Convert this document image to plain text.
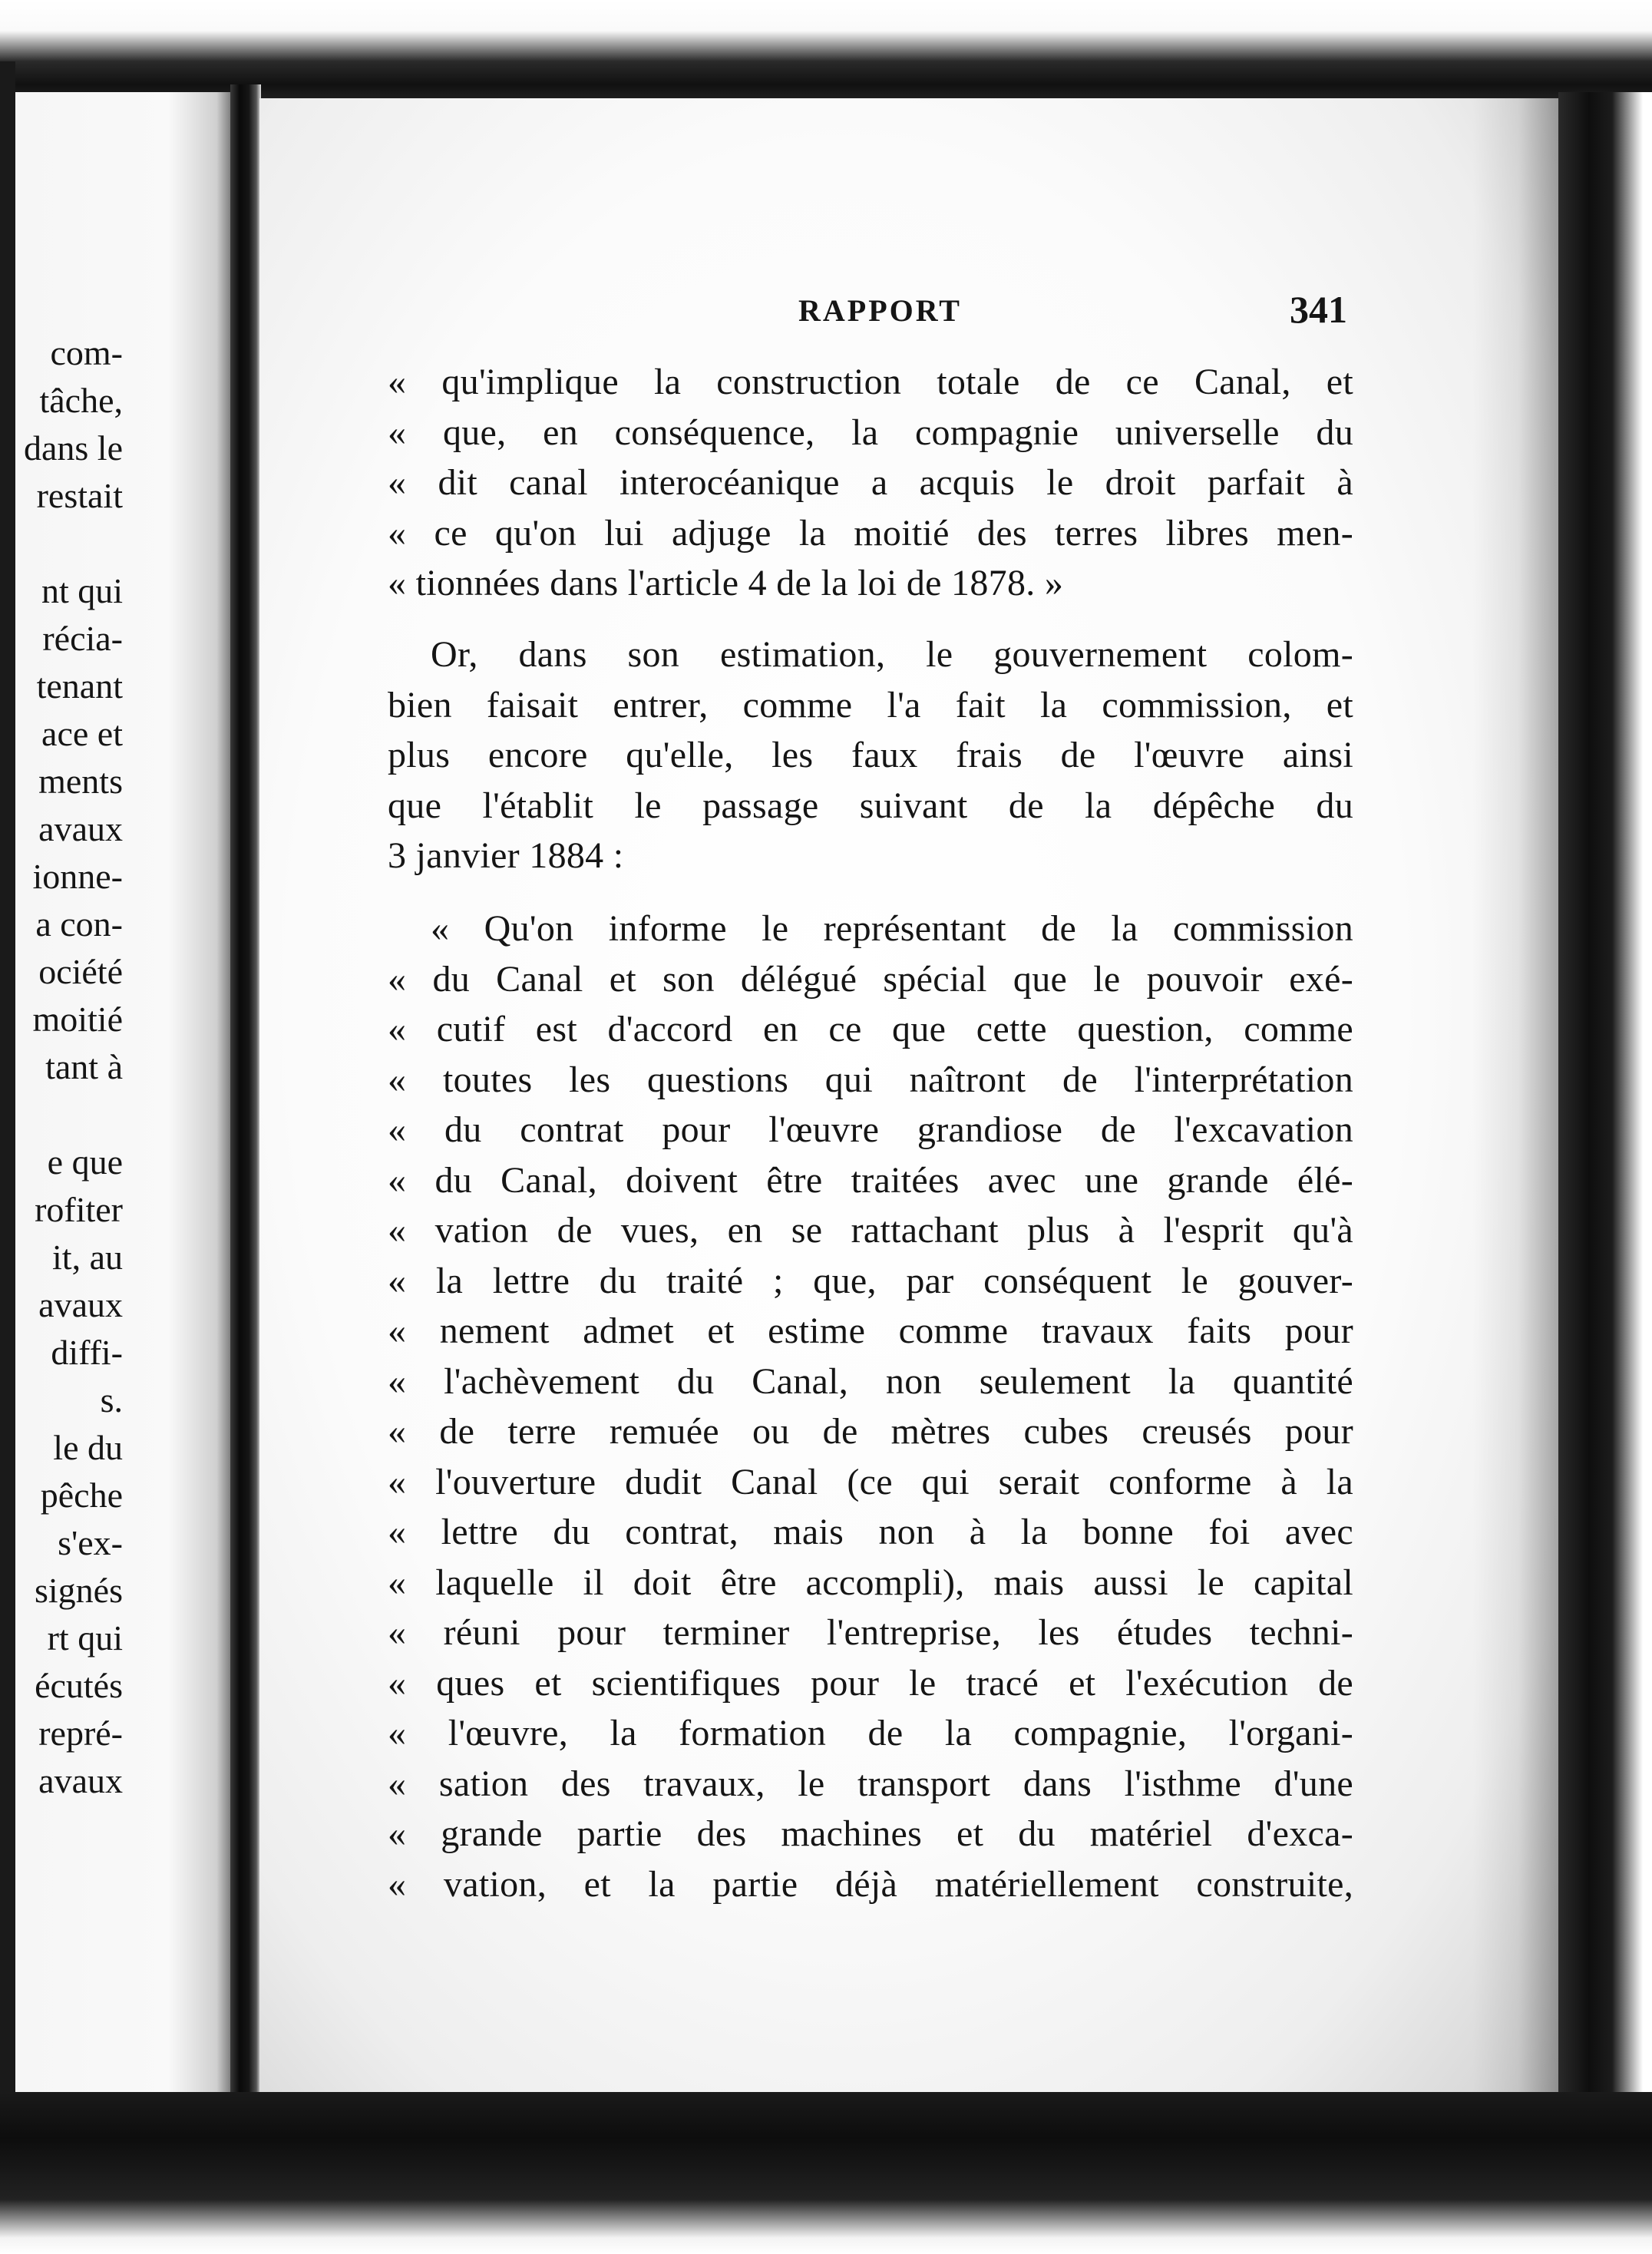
com-
tâche,
dans le
restait
nt qui
récia-
tenant
ace et
ments
avaux
ionne-
a con-
ociété
moitié
tant à
e que
rofiter
it, au
avaux
diffi-
s.
le du
pêche
s'ex-
signés
rt qui
écutés
repré-
avaux
RAPPORT	341
« qu'implique la construction totale de ce Canal, et
« que, en conséquence, la compagnie universelle du
« dit canal interocéanique a acquis le droit parfait à
« ce qu'on lui adjuge la moitié des terres libres men-
« tionnées dans l'article 4 de la loi de 1878. »
Or, dans son estimation, le gouvernement colom-
bien faisait entrer, comme l'a fait la commission, et
plus encore qu'elle, les faux frais de l'œuvre ainsi
que l'établit le passage suivant de la dépêche du
3 janvier 1884 :
« Qu'on informe le représentant de la commission
« du Canal et son délégué spécial que le pouvoir exé-
« cutif est d'accord en ce que cette question, comme
« toutes les questions qui naîtront de l'interprétation
« du contrat pour l'œuvre grandiose de l'excavation
« du Canal, doivent être traitées avec une grande élé-
« vation de vues, en se rattachant plus à l'esprit qu'à
« la lettre du traité ; que, par conséquent le gouver-
« nement admet et estime comme travaux faits pour
« l'achèvement du Canal, non seulement la quantité
« de terre remuée ou de mètres cubes creusés pour
« l'ouverture dudit Canal (ce qui serait conforme à la
« lettre du contrat, mais non à la bonne foi avec
« laquelle il doit être accompli), mais aussi le capital
« réuni pour terminer l'entreprise, les études techni-
« ques et scientifiques pour le tracé et l'exécution de
« l'œuvre, la formation de la compagnie, l'organi-
« sation des travaux, le transport dans l'isthme d'une
« grande partie des machines et du matériel d'exca-
« vation, et la partie déjà matériellement construite,
